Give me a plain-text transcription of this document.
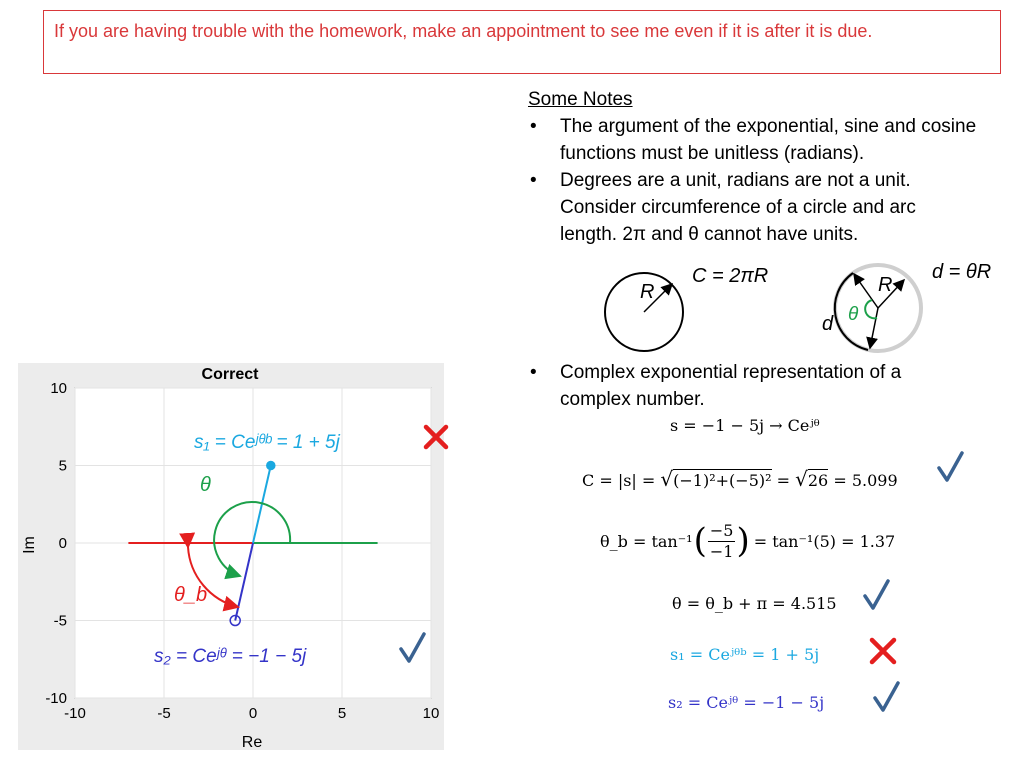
If you are having trouble with the homework, make an appointment to see me even if it is after it is due.
Some Notes
• The argument of the exponential, sine and cosine functions must be unitless (radians).
• Degrees are a unit, radians are not a unit. Consider circumference of a circle and arc length. 2π and θ cannot have units.
R	R
θ
d
C = 2πR	d = θR
• Complex exponential representation of a complex number.
s = −1 − 5j → Ceʲᶿ
C = |s| = √(−1)²+(−5)² = √26 = 5.099
θ_b = tan⁻¹ ( $\frac{-5}{-1}$ ) = tan⁻¹(5) = 1.37
θ = θ_b + π = 4.515
s₁ = Ceʲᶿᵇ = 1 + 5j
s₂ = Ceʲᶿ = −1 − 5j
-10	-5	0	5	10
-10
-5
0
5
10
Correct
Re
Im
s₁ = Ceʲᶿᵇ = 1 + 5j
θ
θ_b
s₂ = Ceʲᶿ = −1 − 5j
